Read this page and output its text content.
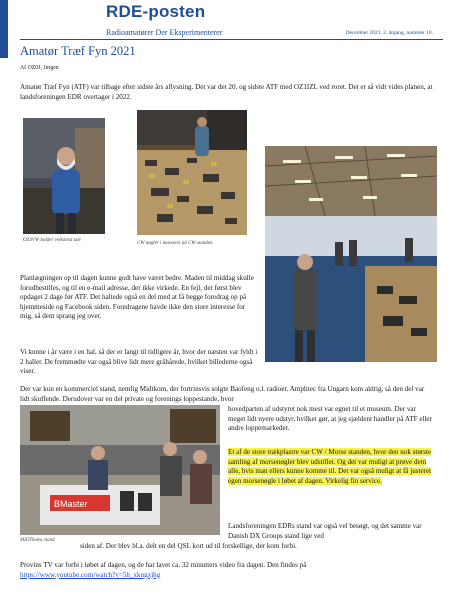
RDE-posten
Radioamatører Der Eksperimenterer	December 2021, 2. årgang, nummer 10.
Amatør Træf Fyn 2021
Af OZ0J, Jørgen

Amatør Træf Fyn (ATF) var tilbage efter sidste års aflysning. Det var det 20. og sidste ATF med OZ1IZL ved roret. Det er så vidt vides planen, at landsforeningen EDR overtager i 2022.

OZ4VW holder velkomst tale
CW nøgler i massevis på CW-standen

Planlægningen op til dagen kunne godt have været bedre. Maden til middag skulle forudbestilles, og til en e-mail adresse, der ikke virkede. En fejl, der først blev opdaget 2 dage før ATF. Det haltede også en del med at få begge foredrag op på hjemmeside og Facebook siden. Foredragene havde ikke den store interesse for mig, så dem sprang jeg over.

Vi kunne i år være i en hal, så der er langt til tidligere år, hvor der næsten var fyldt i 2 haller. De fremmødte var også blive lidt mere gråhårede, hvilket billederne også viser.

Der var kun en kommerciel stand, nemlig Midtkom, der fortrinsvis solgte Baofeng o.l. radioer. Amplitec fra Ungarn kom aldrig, så den del var lidt skuffende. Derudover var en del private og forenings loppestande, hvor

BMaster
MIDTkoms stand

hovedparten af udstyret nok mest var egnet til et museum. Der var meget lidt nyere udstyr, hvilket gør, at jeg sjældent handler på ATF eller andre loppemarkeder.

Et af de store trækplastre var CW / Morse standen, hvor den nok største samling af morsenøgler blev udstillet. Og det var muligt at prøve dem alle, hvis man ellers kunne komme til. Det var også muligt at få justeret egen morsenøgle i løbet af dagen. Virkelig fin service.

Landsforeningen EDRs stand var også vel besøgt, og det samme var Danish DX Groups stand lige ved

siden af. Der blev bl.a. delt en del QSL kort ud til forskellige, der kom forbi.

Provins TV var forbi i løbet af dagen, og de har lavet ca. 32 minutters video fra dagen. Den findes på
https://www.youtube.com/watch?v=5h_xkngxjhg
